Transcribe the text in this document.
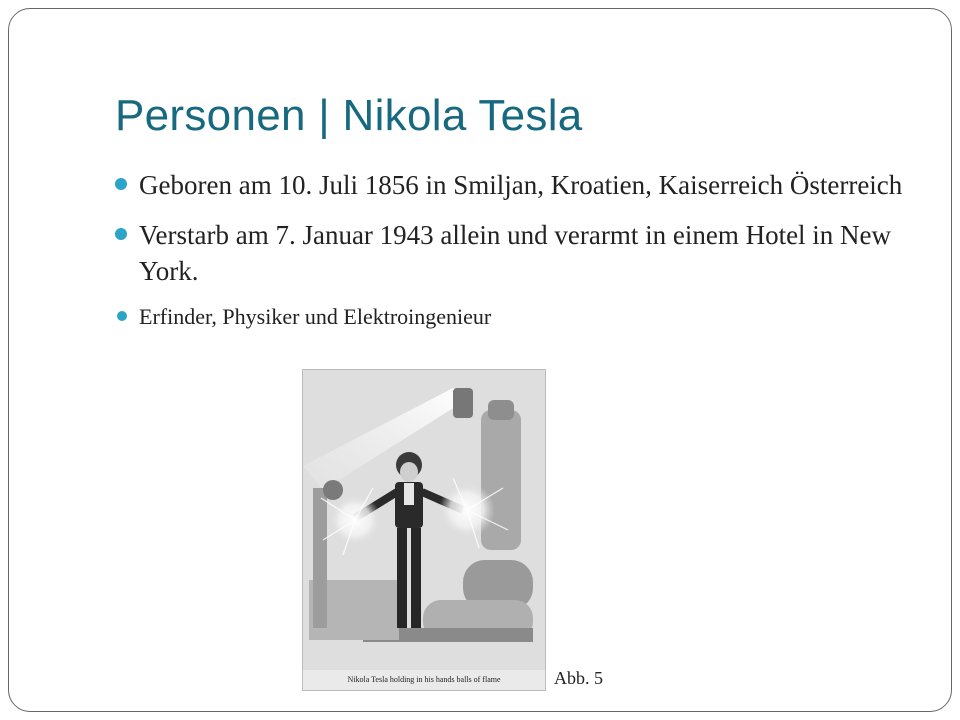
Personen | Nikola Tesla
Geboren am 10. Juli 1856 in Smiljan, Kroatien, Kaiserreich Österreich
Verstarb am 7. Januar 1943 allein und verarmt in einem Hotel in New York.
Erfinder, Physiker und Elektroingenieur
Nikola Tesla holding in his hands balls of flame	Abb. 5
